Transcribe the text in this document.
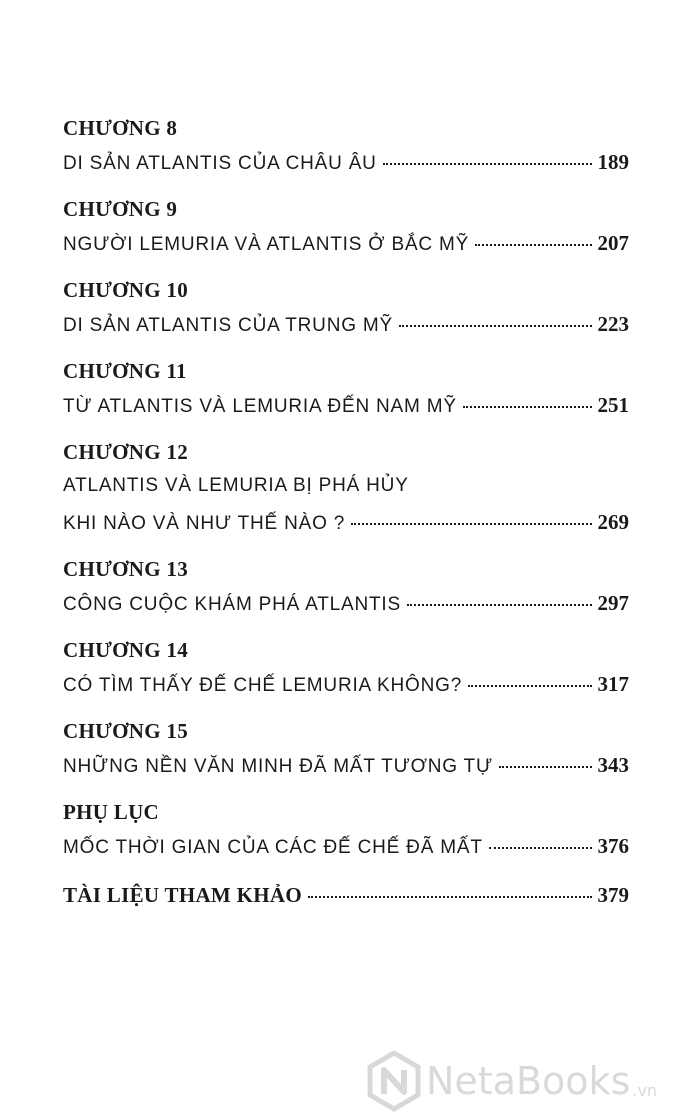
CHƯƠNG 8
DI SẢN ATLANTIS CỦA CHÂU ÂU	189
CHƯƠNG 9
NGƯỜI LEMURIA VÀ ATLANTIS Ở BẮC MỸ	207
CHƯƠNG 10
DI SẢN ATLANTIS CỦA TRUNG MỸ	223
CHƯƠNG 11
TỪ ATLANTIS VÀ LEMURIA ĐẾN NAM MỸ	251
CHƯƠNG 12
ATLANTIS VÀ LEMURIA BỊ PHÁ HỦY
KHI NÀO VÀ NHƯ THẾ NÀO ?	269
CHƯƠNG 13
CÔNG CUỘC KHÁM PHÁ ATLANTIS	297
CHƯƠNG 14
CÓ TÌM THẤY ĐẾ CHẾ LEMURIA KHÔNG?	317
CHƯƠNG 15
NHỮNG NỀN VĂN MINH ĐÃ MẤT TƯƠNG TỰ	343
PHỤ LỤC
MỐC THỜI GIAN CỦA CÁC ĐẾ CHẾ ĐÃ MẤT	376
TÀI LIỆU THAM KHẢO	379
NetaBooks .vn
